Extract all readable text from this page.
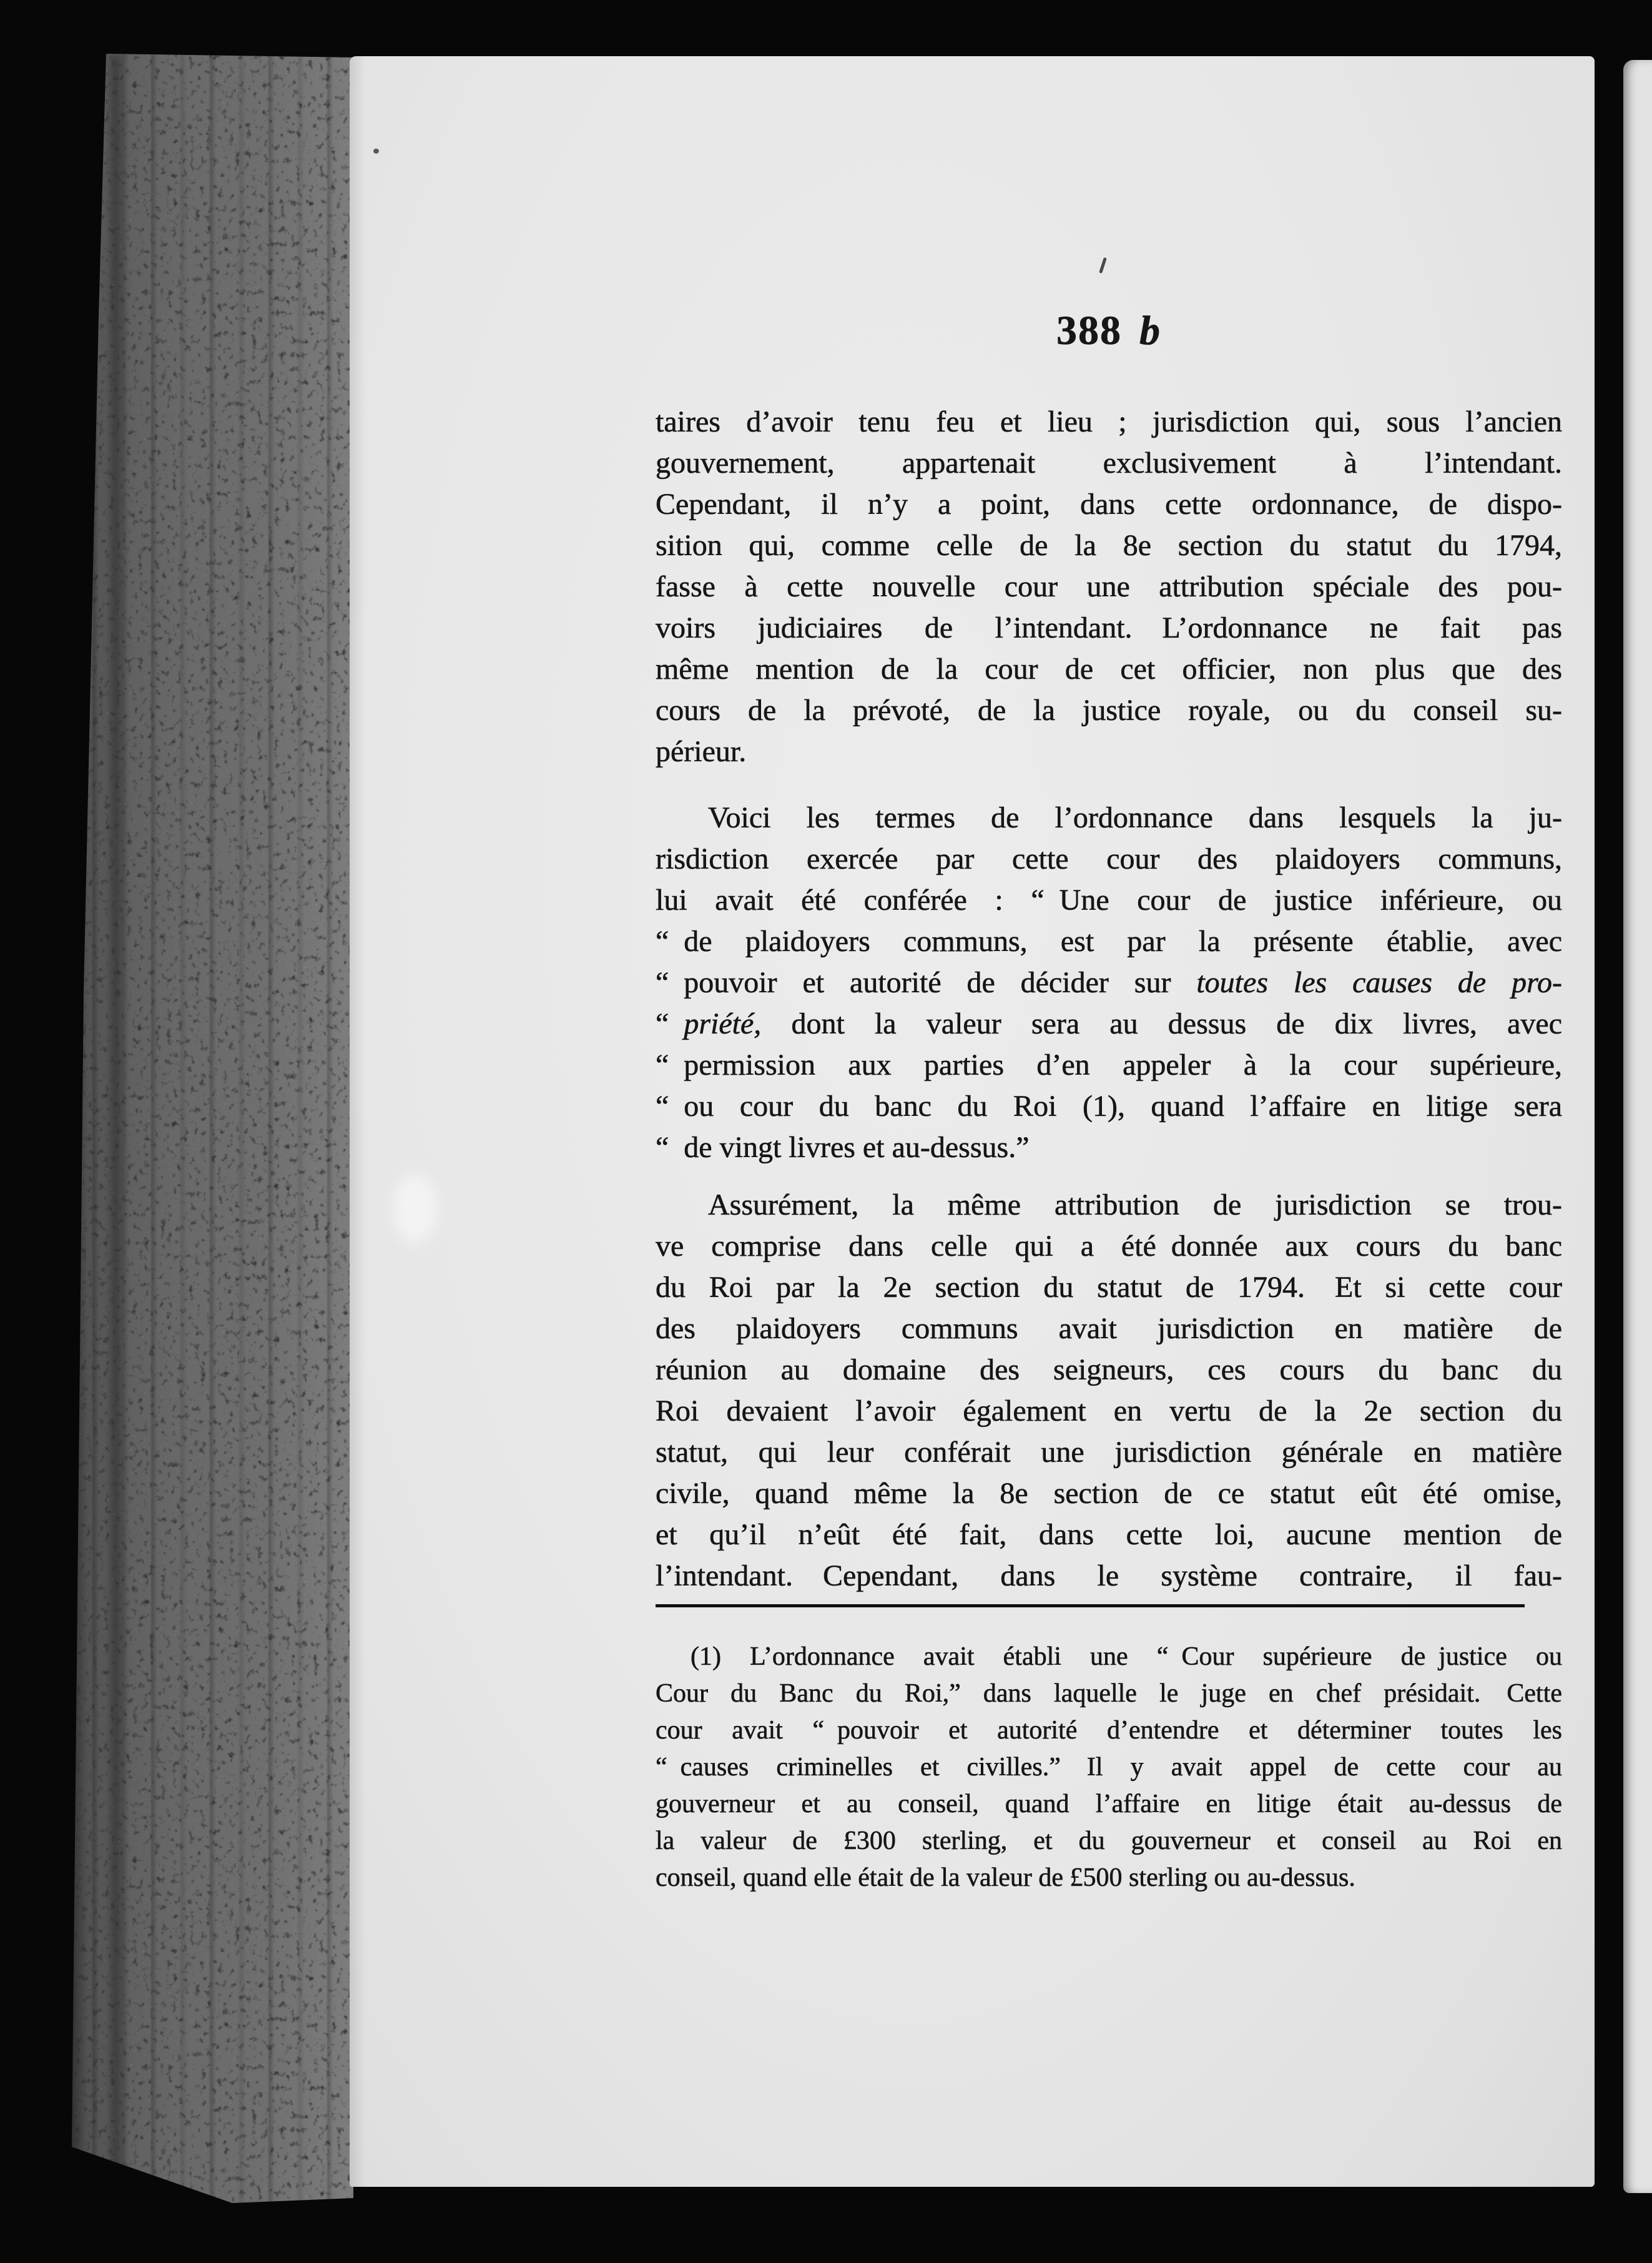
388 b
taires d’avoir tenu feu et lieu ; jurisdiction qui, sous l’ancien
gouvernement, appartenait exclusivement à l’intendant.
Cependant, il n’y a point, dans cette ordonnance, de dispo-
sition qui, comme celle de la 8e section du statut du 1794,
fasse à cette nouvelle cour une attribution spéciale des pou-
voirs judiciaires de l’intendant.  L’ordonnance ne fait pas
même mention de la cour de cet officier, non plus que des
cours de la prévoté, de la justice royale, ou du conseil su-
périeur.
Voici les termes de l’ordonnance dans lesquels la ju-
risdiction exercée par cette cour des plaidoyers communs,
lui avait été conférée : “ Une cour de justice inférieure, ou
“ de plaidoyers communs, est par la présente établie, avec
“ pouvoir et autorité de décider sur toutes les causes de pro-
“ priété, dont la valeur sera au dessus de dix livres, avec
“ permission aux parties d’en appeler à la cour supérieure,
“ ou cour du banc du Roi (1), quand l’affaire en litige sera
“ de vingt livres et au-dessus.”
Assurément, la même attribution de jurisdiction se trou-
ve comprise dans celle qui a été donnée aux cours du banc
du Roi par la 2e section du statut de 1794.  Et si cette cour
des plaidoyers communs avait jurisdiction en matière de
réunion au domaine des seigneurs, ces cours du banc du
Roi devaient l’avoir également en vertu de la 2e section du
statut, qui leur conférait une jurisdiction générale en matière
civile, quand même la 8e section de ce statut eût été omise,
et qu’il n’eût été fait, dans cette loi, aucune mention de
l’intendant.  Cependant, dans le système contraire, il fau-
(1) L’ordonnance avait établi une “ Cour supérieure de justice ou
Cour du Banc du Roi,” dans laquelle le juge en chef présidait.  Cette
cour avait “ pouvoir et autorité d’entendre et déterminer toutes les
“ causes criminelles et civilles.”  Il y avait appel de cette cour au
gouverneur et au conseil, quand l’affaire en litige était au-dessus de
la valeur de £300 sterling, et du gouverneur et conseil au Roi en
conseil, quand elle était de la valeur de £500 sterling ou au-dessus.
